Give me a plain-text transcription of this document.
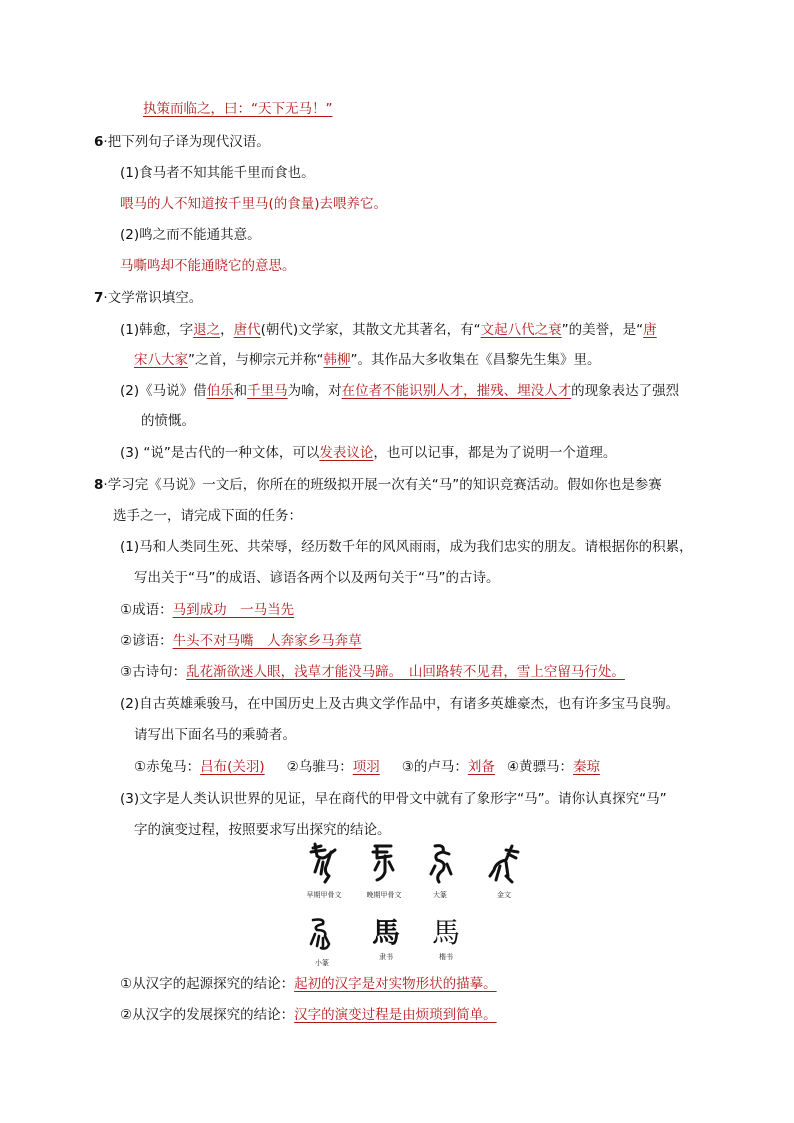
执策而临之，曰：“天下无马！”
6·把下列句子译为现代汉语。
(1)食马者不知其能千里而食也。
喂马的人不知道按千里马(的食量)去喂养它。
(2)鸣之而不能通其意。
马嘶鸣却不能通晓它的意思。
7·文学常识填空。
(1)韩愈，字退之，唐代(朝代)文学家，其散文尤其著名，有“文起八代之衰”的美誉，是“唐
宋八大家”之首，与柳宗元并称“韩柳”。其作品大多收集在《昌黎先生集》里。
(2)《马说》借伯乐和千里马为喻，对在位者不能识别人才，摧残、埋没人才的现象表达了强烈
的愤慨。
(3) “说”是古代的一种文体，可以发表议论，也可以记事，都是为了说明一个道理。
8·学习完《马说》一文后，你所在的班级拟开展一次有关“马”的知识竞赛活动。假如你也是参赛
选手之一，请完成下面的任务：
(1)马和人类同生死、共荣辱，经历数千年的风风雨雨，成为我们忠实的朋友。请根据你的积累，
写出关于“马”的成语、谚语各两个以及两句关于“马”的古诗。
①成语：马到成功　一马当先
②谚语：牛头不对马嘴　人奔家乡马奔草
③古诗句：乱花渐欲迷人眼，浅草才能没马蹄。　山回路转不见君，雪上空留马行处。
(2)自古英雄乘骏马，在中国历史上及古典文学作品中，有诸多英雄豪杰，也有许多宝马良驹。
请写出下面名马的乘骑者。
①赤兔马：吕布(关羽) ②乌骓马：项羽 ③的卢马：刘备 ④黄骠马：秦琼
(3)文字是人类认识世界的见证，早在商代的甲骨文中就有了象形字“马”。请你认真探究“马”
字的演变过程，按照要求写出探究的结论。
早期甲骨文	晚期甲骨文	大篆	金文
小篆
馬
隶书
馬
楷书
①从汉字的起源探究的结论：起初的汉字是对实物形状的描摹。
②从汉字的发展探究的结论：汉字的演变过程是由烦琐到简单。
